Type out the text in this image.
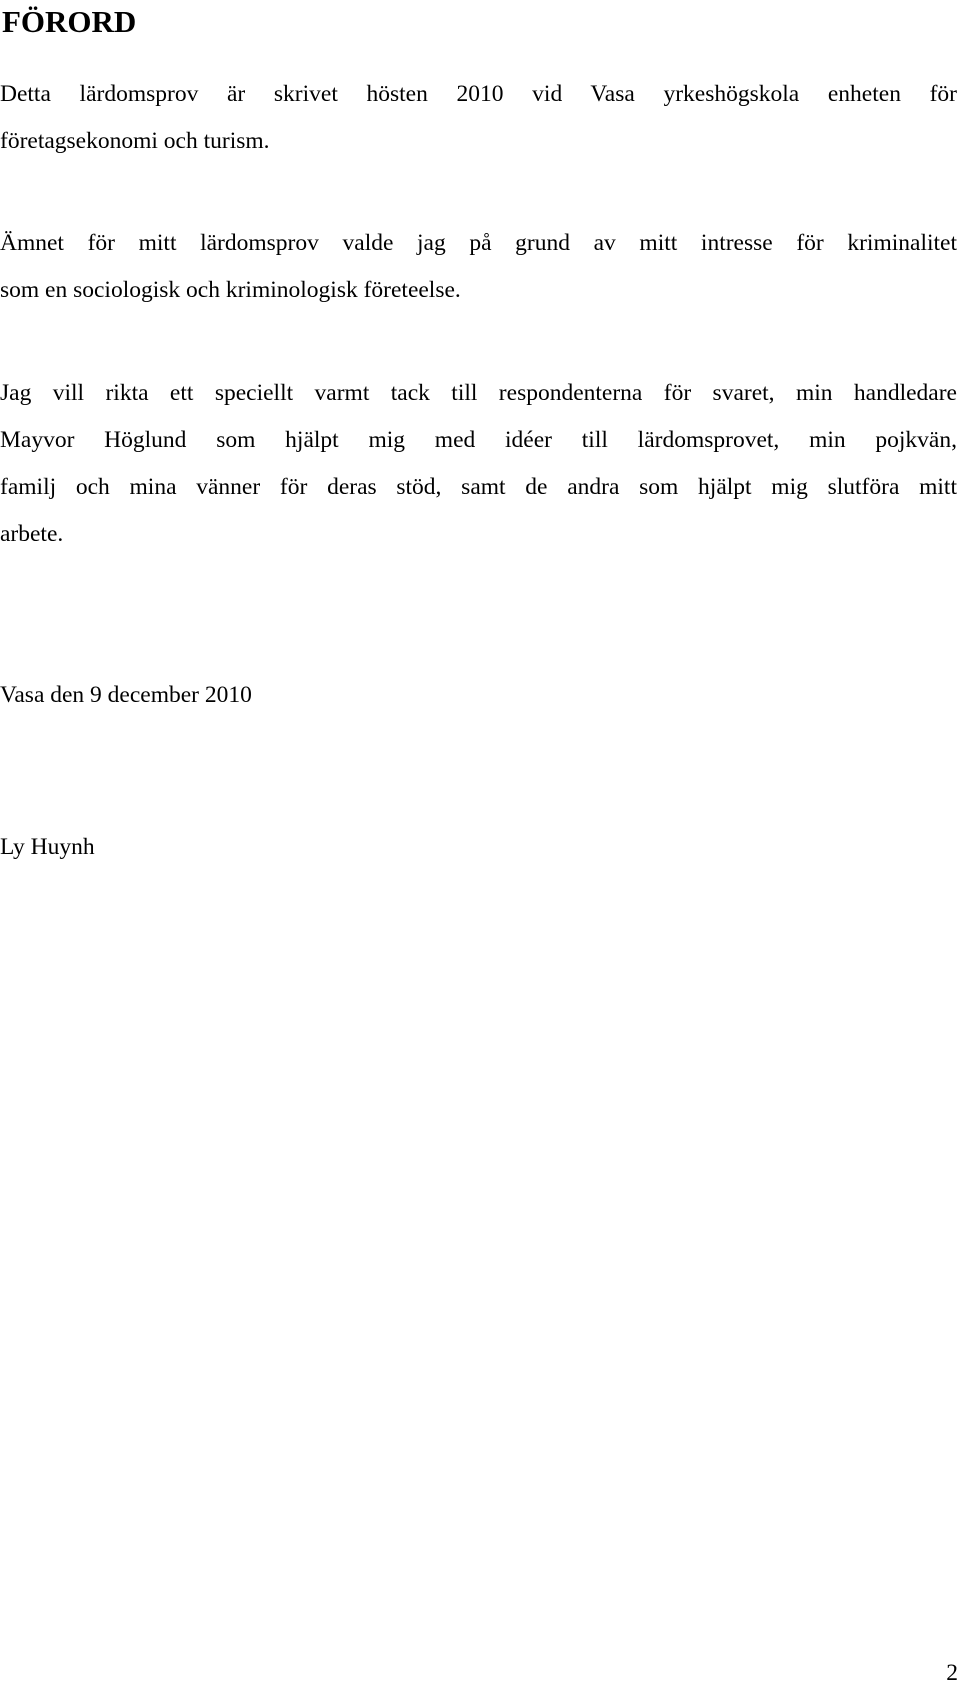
FÖRORD

Detta lärdomsprov är skrivet hösten 2010 vid Vasa yrkeshögskola enheten för
företagsekonomi och turism.

Ämnet för mitt lärdomsprov valde jag på grund av mitt intresse för kriminalitet
som en sociologisk och kriminologisk företeelse.

Jag vill rikta ett speciellt varmt tack till respondenterna för svaret, min handledare
Mayvor Höglund som hjälpt mig med idéer till lärdomsprovet, min pojkvän,
familj och mina vänner för deras stöd, samt de andra som hjälpt mig slutföra mitt
arbete.

Vasa den 9 december 2010

Ly Huynh

2
